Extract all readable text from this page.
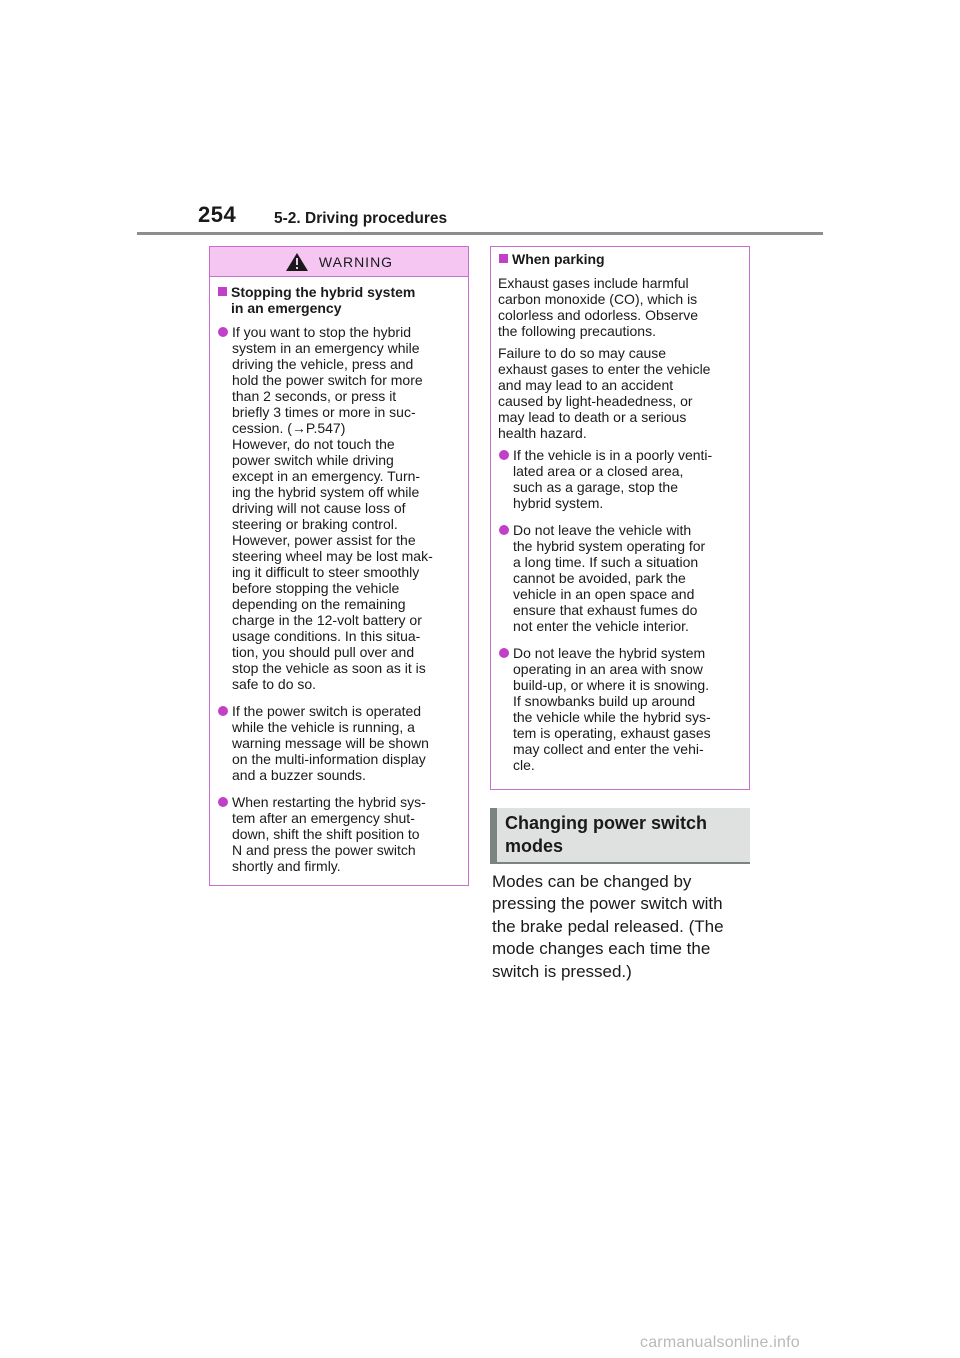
254 5-2. Driving procedures
WARNING
Stopping the hybrid system
in an emergency
If you want to stop the hybrid
system in an emergency while
driving the vehicle, press and
hold the power switch for more
than 2 seconds, or press it
briefly 3 times or more in suc-
cession. (→P.547)
However, do not touch the
power switch while driving
except in an emergency. Turn-
ing the hybrid system off while
driving will not cause loss of
steering or braking control.
However, power assist for the
steering wheel may be lost mak-
ing it difficult to steer smoothly
before stopping the vehicle
depending on the remaining
charge in the 12-volt battery or
usage conditions. In this situa-
tion, you should pull over and
stop the vehicle as soon as it is
safe to do so.
If the power switch is operated
while the vehicle is running, a
warning message will be shown
on the multi-information display
and a buzzer sounds.
When restarting the hybrid sys-
tem after an emergency shut-
down, shift the shift position to
N and press the power switch
shortly and firmly.
When parking

Exhaust gases include harmful
carbon monoxide (CO), which is
colorless and odorless. Observe
the following precautions.

Failure to do so may cause
exhaust gases to enter the vehicle
and may lead to an accident
caused by light-headedness, or
may lead to death or a serious
health hazard.

If the vehicle is in a poorly venti-
lated area or a closed area,
such as a garage, stop the
hybrid system.
Do not leave the vehicle with
the hybrid system operating for
a long time. If such a situation
cannot be avoided, park the
vehicle in an open space and
ensure that exhaust fumes do
not enter the vehicle interior.
Do not leave the hybrid system
operating in an area with snow
build-up, or where it is snowing.
If snowbanks build up around
the vehicle while the hybrid sys-
tem is operating, exhaust gases
may collect and enter the vehi-
cle.
Changing power switch
modes
Modes can be changed by
pressing the power switch with
the brake pedal released. (The
mode changes each time the
switch is pressed.)
carmanualsonline.info
